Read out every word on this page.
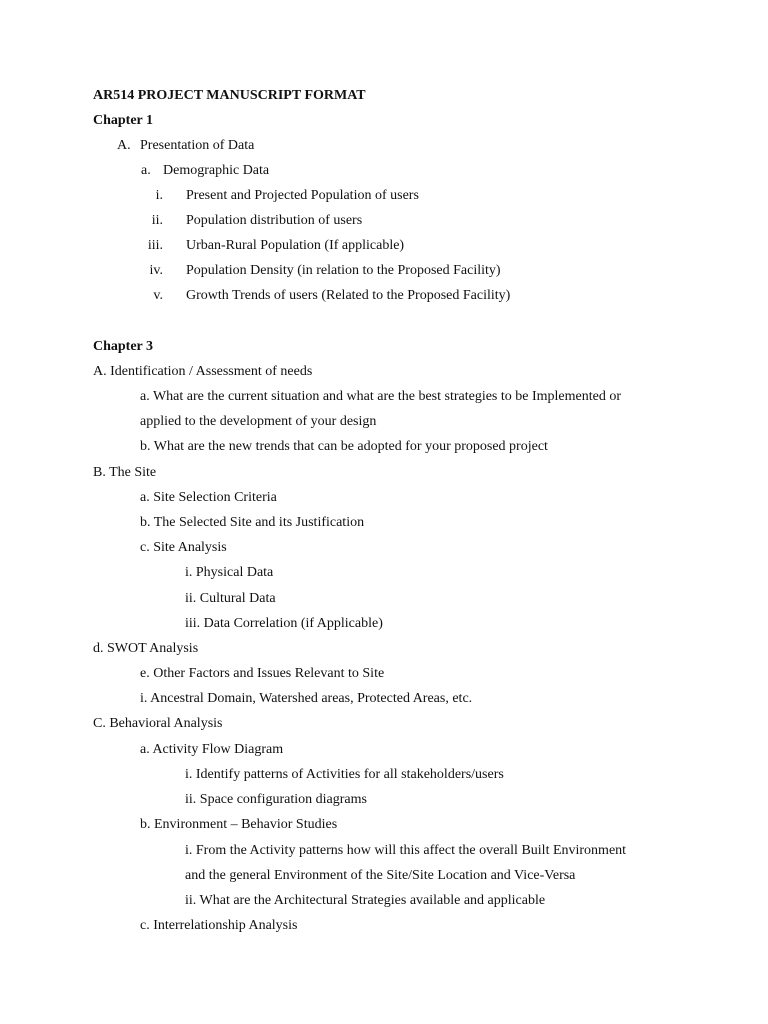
AR514 PROJECT MANUSCRIPT FORMAT
Chapter 1
A. Presentation of Data
a. Demographic Data
i. Present and Projected Population of users
ii. Population distribution of users
iii. Urban-Rural Population (If applicable)
iv. Population Density (in relation to the Proposed Facility)
v. Growth Trends of users (Related to the Proposed Facility)
Chapter 3
A. Identification / Assessment of needs
a. What are the current situation and what are the best strategies to be Implemented or
applied to the development of your design
b. What are the new trends that can be adopted for your proposed project
B. The Site
a. Site Selection Criteria
b. The Selected Site and its Justification
c. Site Analysis
i. Physical Data
ii. Cultural Data
iii. Data Correlation (if Applicable)
d. SWOT Analysis
e. Other Factors and Issues Relevant to Site
i. Ancestral Domain, Watershed areas, Protected Areas, etc.
C. Behavioral Analysis
a. Activity Flow Diagram
i. Identify patterns of Activities for all stakeholders/users
ii. Space configuration diagrams
b. Environment – Behavior Studies
i. From the Activity patterns how will this affect the overall Built Environment
and the general Environment of the Site/Site Location and Vice-Versa
ii. What are the Architectural Strategies available and applicable
c. Interrelationship Analysis
